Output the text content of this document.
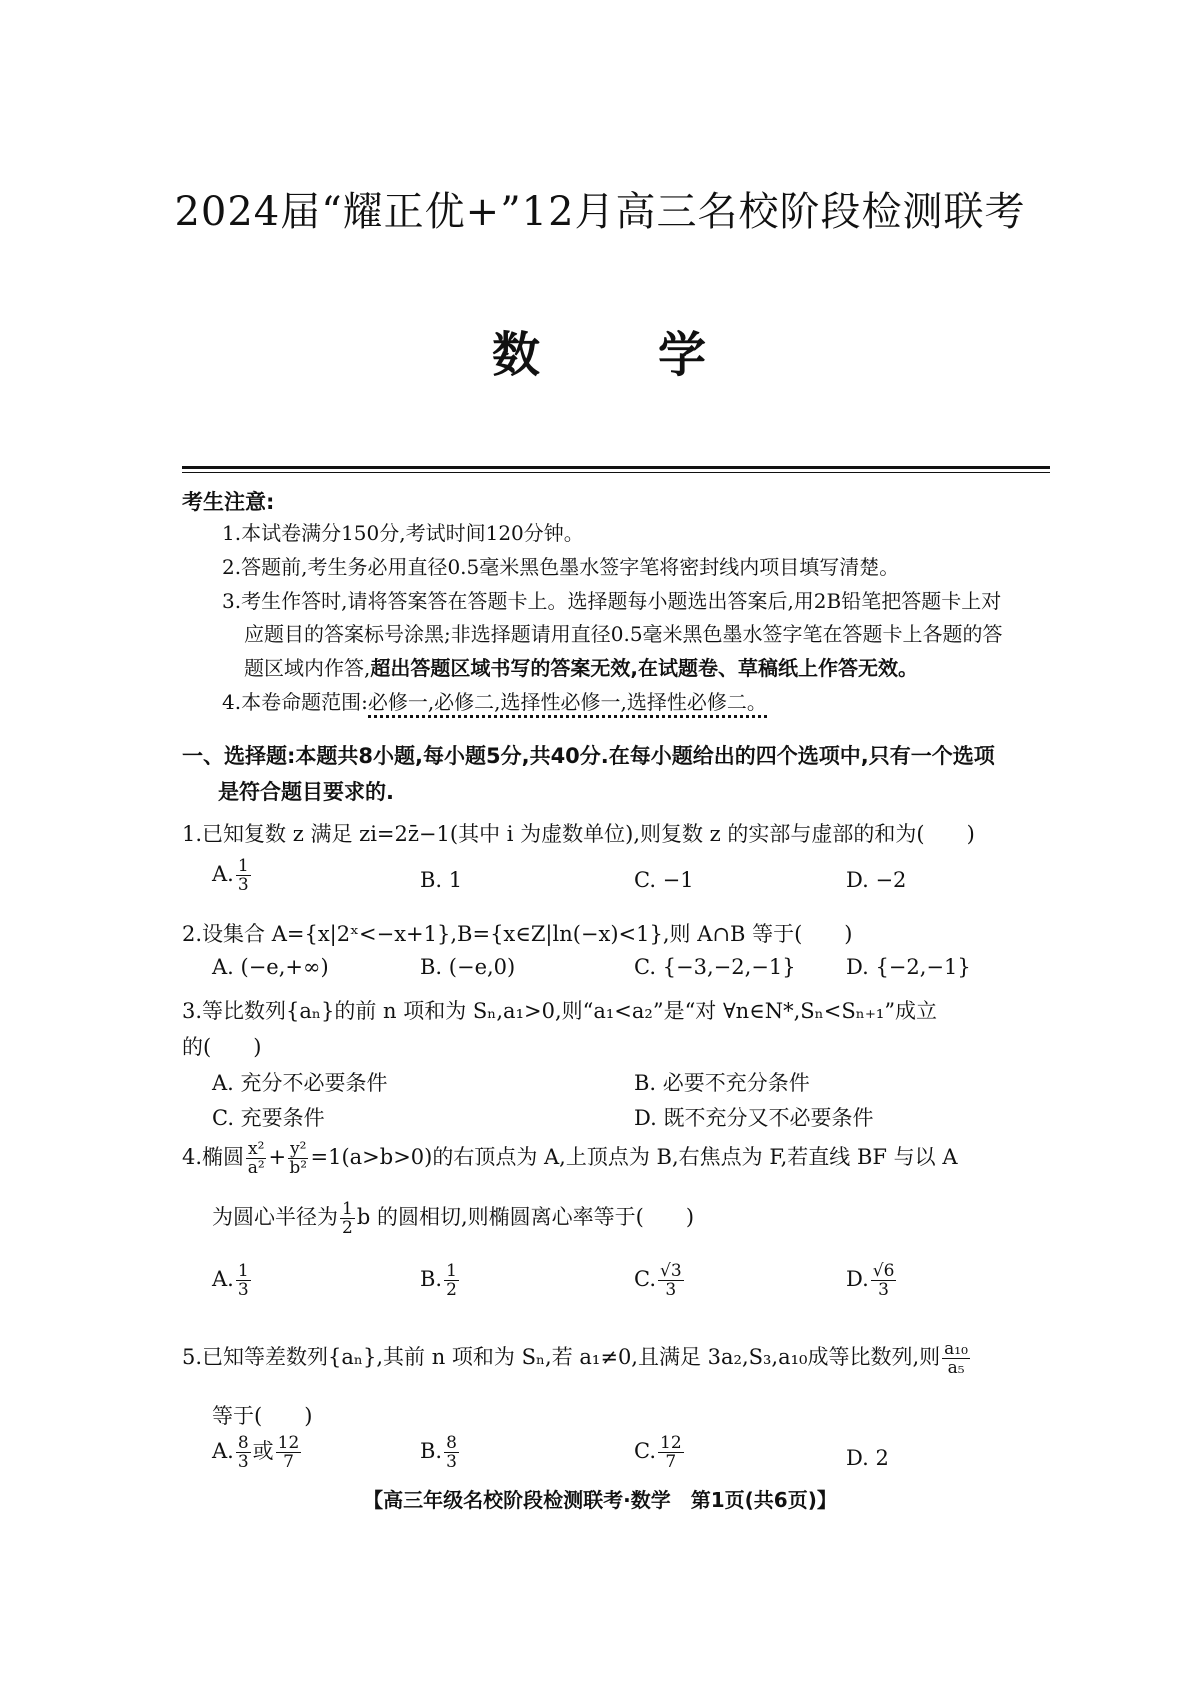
2024届“耀正优+”12月高三名校阶段检测联考
数 学
考生注意:
1.本试卷满分150分,考试时间120分钟。
2.答题前,考生务必用直径0.5毫米黑色墨水签字笔将密封线内项目填写清楚。
3.考生作答时,请将答案答在答题卡上。选择题每小题选出答案后,用2B铅笔把答题卡上对
应题目的答案标号涂黑;非选择题请用直径0.5毫米黑色墨水签字笔在答题卡上各题的答
题区域内作答,超出答题区域书写的答案无效,在试题卷、草稿纸上作答无效。
4.本卷命题范围:必修一,必修二,选择性必修一,选择性必修二。
一、选择题:本题共8小题,每小题5分,共40分.在每小题给出的四个选项中,只有一个选项
是符合题目要求的.
1.已知复数 z 满足 zi=2z̄−1(其中 i 为虚数单位),则复数 z 的实部与虚部的和为(　　)
A. $\frac{1}{3}$	B. 1	C. −1	D. −2
2.设集合 A={x|2ˣ<−x+1},B={x∈Z|ln(−x)<1},则 A∩B 等于(　　)
A. (−e,+∞)	B. (−e,0)	C. {−3,−2,−1} D. {−2,−1}
3.等比数列{aₙ}的前 n 项和为 Sₙ,a₁>0,则“a₁<a₂”是“对 ∀n∈N*,Sₙ<Sₙ₊₁”成立
的(　　)
A. 充分不必要条件	B. 必要不充分条件
C. 充要条件	D. 既不充分又不必要条件
4.椭圆 $\frac{\text{x²}}{\text{a²}} + \frac{\text{y²}}{\text{b²}} =1(a>b>0)$的右顶点为 A,上顶点为 B,右焦点为 F,若直线 BF 与以 A
为圆心半径为 $\frac{1}{2}$ b 的圆相切,则椭圆离心率等于(　　)
A. $\frac{1}{3}$	B. $\frac{1}{2}$	C. $\frac{√3}{3}$	D. $\frac{√6}{3}$
5.已知等差数列{aₙ},其前 n 项和为 Sₙ,若 a₁≠0,且满足 3a₂,S₃,a₁₀成等比数列,则 $\frac{\text{a₁₀}}{\text{a₅}}$
等于(　　)
A. $\frac{8}{3}$ 或 $\frac{12}{7}$	B. $\frac{8}{3}$	C. $\frac{12}{7}$	D. 2
【高三年级名校阶段检测联考·数学　第1页(共6页)】
